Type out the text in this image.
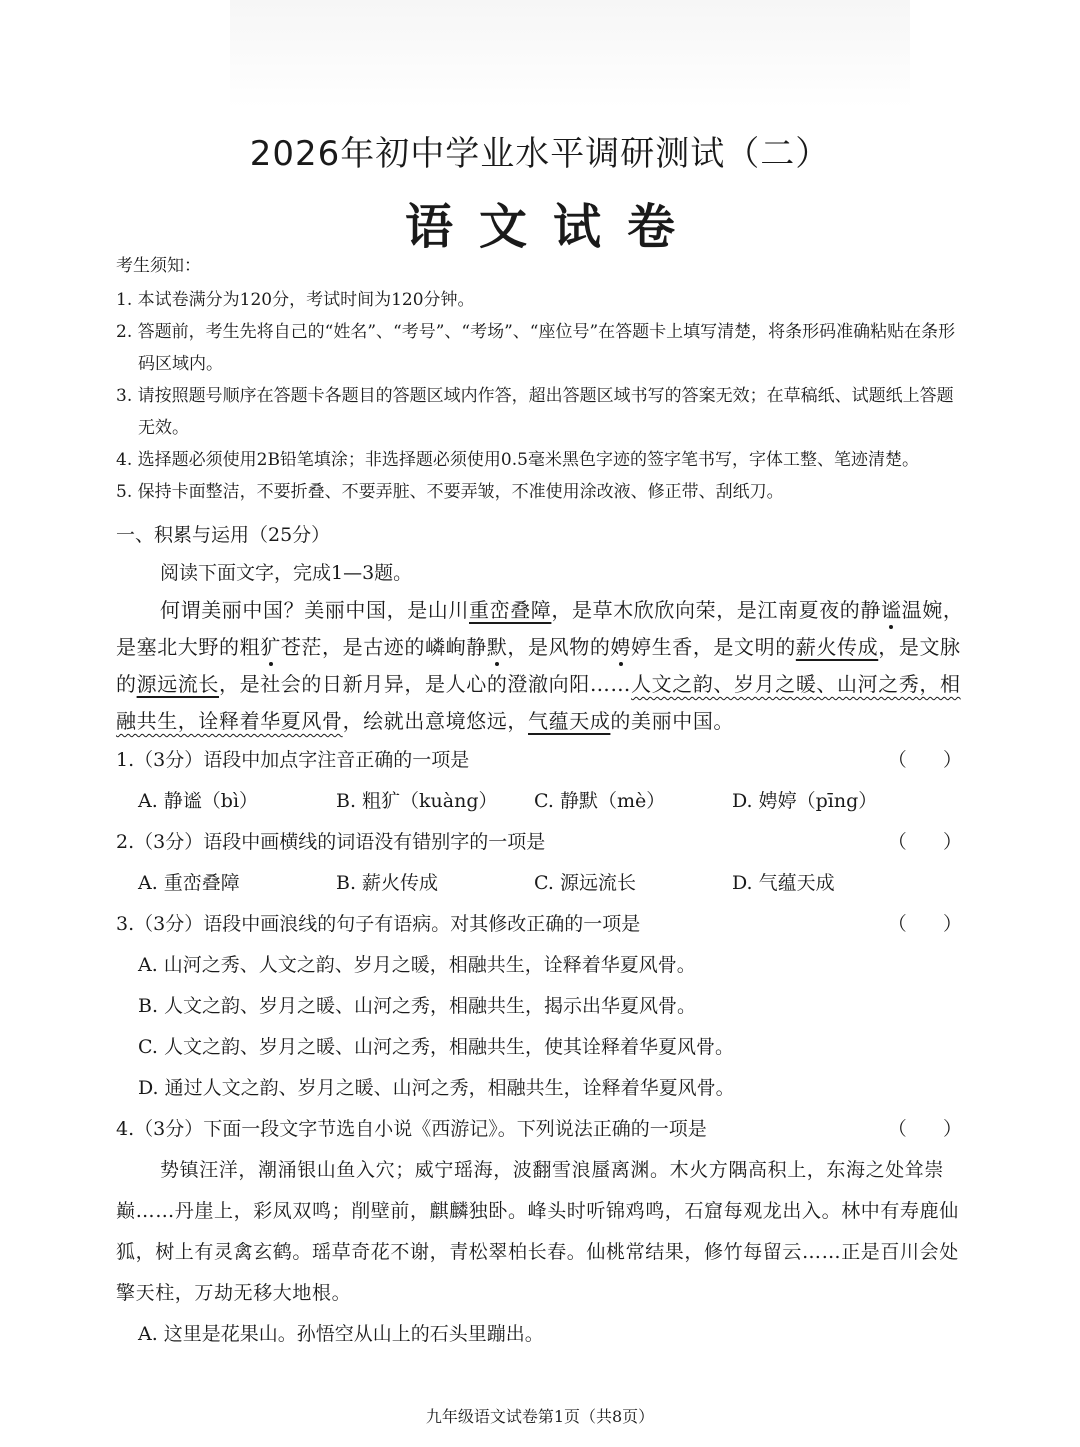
2026年初中学业水平调研测试（二）
语文试卷
考生须知：
1. 本试卷满分为120分，考试时间为120分钟。
2. 答题前，考生先将自己的“姓名”、“考号”、“考场”、“座位号”在答题卡上填写清楚，将条形码准确粘贴在条形码区域内。
3. 请按照题号顺序在答题卡各题目的答题区域内作答，超出答题区域书写的答案无效；在草稿纸、试题纸上答题无效。
4. 选择题必须使用2B铅笔填涂；非选择题必须使用0.5毫米黑色字迹的签字笔书写，字体工整、笔迹清楚。
5. 保持卡面整洁，不要折叠、不要弄脏、不要弄皱，不准使用涂改液、修正带、刮纸刀。
一、积累与运用（25分）
阅读下面文字，完成1—3题。
何谓美丽中国？美丽中国，是山川重峦叠障，是草木欣欣向荣，是江南夏夜的静谧温婉，是塞北大野的粗犷苍茫，是古迹的嶙峋静默，是风物的娉婷生香，是文明的薪火传成，是文脉的源远流长，是社会的日新月异，是人心的澄澈向阳……人文之韵、岁月之暖、山河之秀，相融共生，诠释着华夏风骨，绘就出意境悠远，气蕴天成的美丽中国。
1.（3分）语段中加点字注音正确的一项是	（      ）
A. 静谧（bì）	B. 粗犷（kuàng）	C. 静默（mè）	D. 娉婷（pīng）
2.（3分）语段中画横线的词语没有错别字的一项是	（      ）
A. 重峦叠障	B. 薪火传成	C. 源远流长	D. 气蕴天成
3.（3分）语段中画浪线的句子有语病。对其修改正确的一项是	（      ）
A. 山河之秀、人文之韵、岁月之暖，相融共生，诠释着华夏风骨。
B. 人文之韵、岁月之暖、山河之秀，相融共生，揭示出华夏风骨。
C. 人文之韵、岁月之暖、山河之秀，相融共生，使其诠释着华夏风骨。
D. 通过人文之韵、岁月之暖、山河之秀，相融共生，诠释着华夏风骨。
4.（3分）下面一段文字节选自小说《西游记》。下列说法正确的一项是	（      ）
势镇汪洋，潮涌银山鱼入穴；威宁瑶海，波翻雪浪蜃离渊。木火方隅高积上，东海之处耸崇巅……丹崖上，彩凤双鸣；削壁前，麒麟独卧。峰头时听锦鸡鸣，石窟每观龙出入。林中有寿鹿仙狐，树上有灵禽玄鹤。瑶草奇花不谢，青松翠柏长春。仙桃常结果，修竹每留云……正是百川会处擎天柱，万劫无移大地根。
A. 这里是花果山。孙悟空从山上的石头里蹦出。
九年级语文试卷第1页（共8页）
